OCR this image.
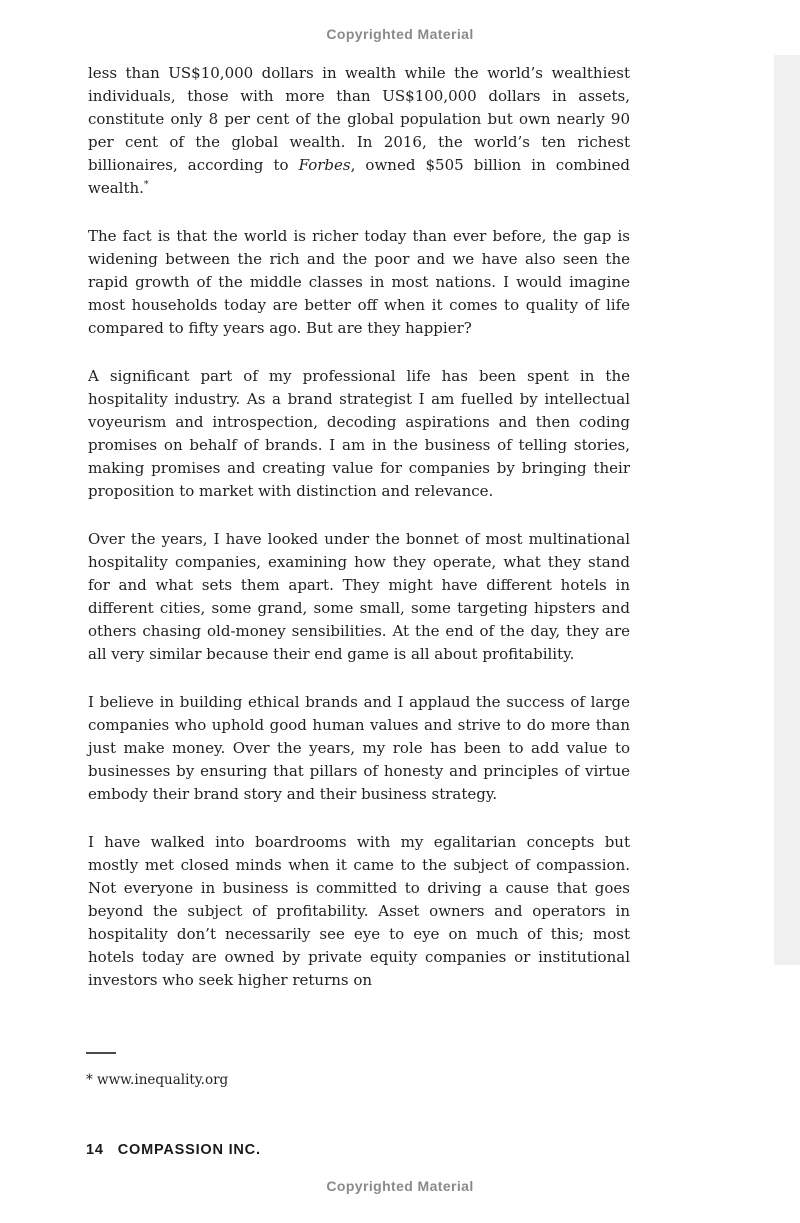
Copyrighted Material

less than US$10,000 dollars in wealth while the world’s wealthiest individuals, those with more than US$100,000 dollars in assets, constitute only 8 per cent of the global population but own nearly 90 per cent of the global wealth. In 2016, the world’s ten richest billionaires, according to Forbes, owned $505 billion in combined wealth.*

The fact is that the world is richer today than ever before, the gap is widening between the rich and the poor and we have also seen the rapid growth of the middle classes in most nations. I would imagine most households today are better off when it comes to quality of life compared to fifty years ago. But are they happier?

A significant part of my professional life has been spent in the hospitality industry. As a brand strategist I am fuelled by intellectual voyeurism and introspection, decoding aspirations and then coding promises on behalf of brands. I am in the business of telling stories, making promises and creating value for companies by bringing their proposition to market with distinction and relevance.

Over the years, I have looked under the bonnet of most multinational hospitality companies, examining how they operate, what they stand for and what sets them apart. They might have different hotels in different cities, some grand, some small, some targeting hipsters and others chasing old-money sensibilities. At the end of the day, they are all very similar because their end game is all about profitability.

I believe in building ethical brands and I applaud the success of large companies who uphold good human values and strive to do more than just make money. Over the years, my role has been to add value to businesses by ensuring that pillars of honesty and principles of virtue embody their brand story and their business strategy.

I have walked into boardrooms with my egalitarian concepts but mostly met closed minds when it came to the subject of compassion. Not everyone in business is committed to driving a cause that goes beyond the subject of profitability. Asset owners and operators in hospitality don’t necessarily see eye to eye on much of this; most hotels today are owned by private equity companies or institutional investors who seek higher returns on

* www.inequality.org
14 COMPASSION INC.
Copyrighted Material
